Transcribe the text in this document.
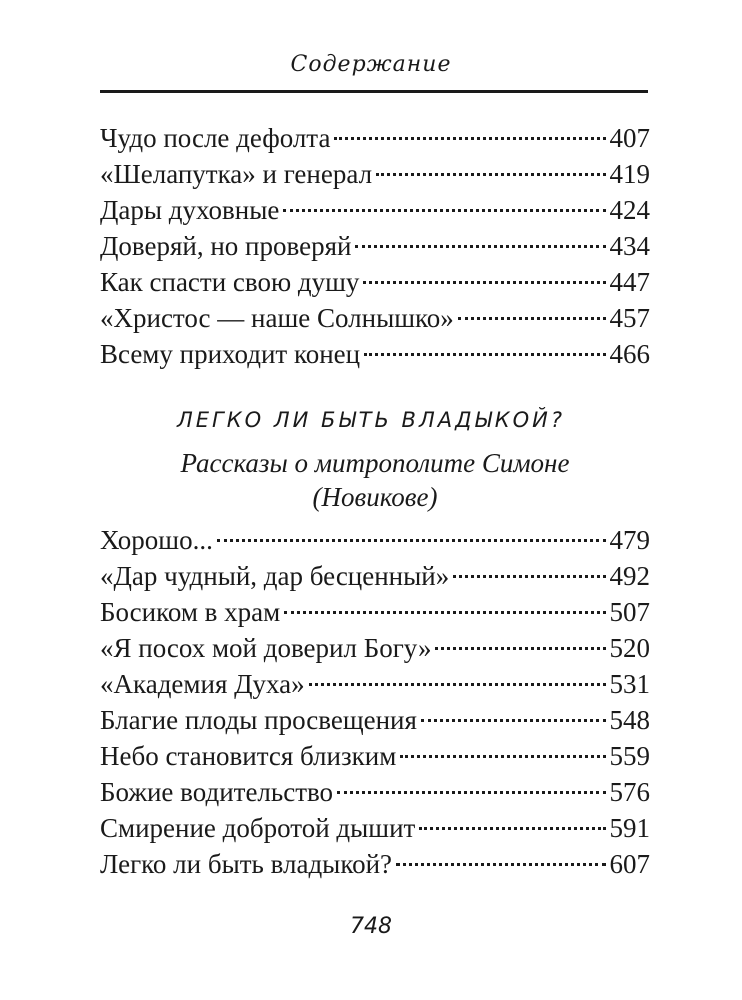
Содержание
Чудо после дефолта	407
«Шелапутка» и генерал	419
Дары духовные	424
Доверяй, но проверяй	434
Как спасти свою душу	447
«Христос — наше Солнышко»	457
Всему приходит конец	466
ЛЕГКО ЛИ БЫТЬ ВЛАДЫКОЙ?
Рассказы о митрополите Симоне
(Новикове)
Хорошо...	479
«Дар чудный, дар бесценный»	492
Босиком в храм	507
«Я посох мой доверил Богу»	520
«Академия Духа»	531
Благие плоды просвещения	548
Небо становится близким	559
Божие водительство	576
Смирение добротой дышит	591
Легко ли быть владыкой?	607
748
